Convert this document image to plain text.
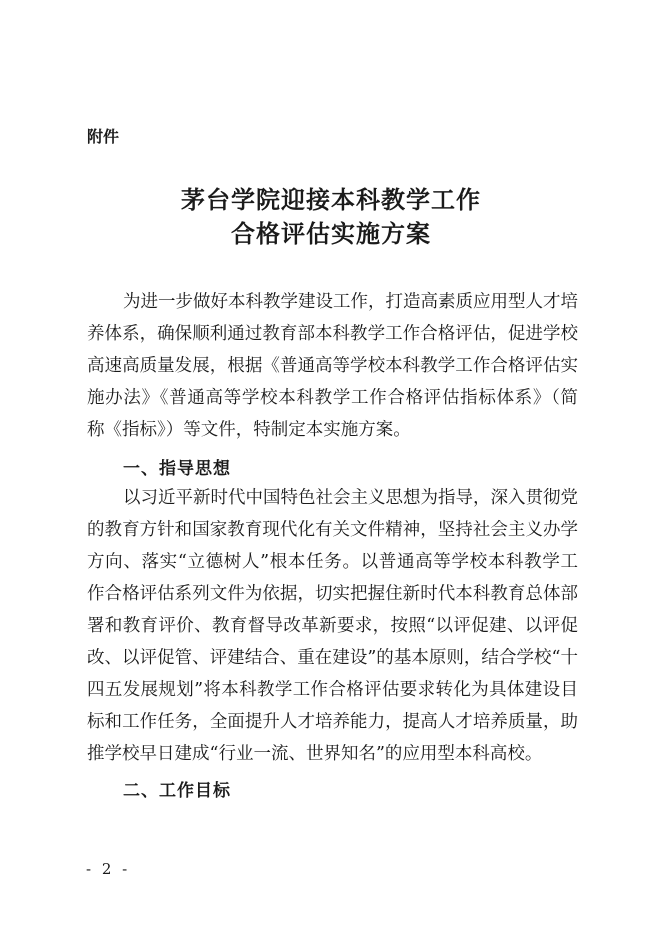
附件
茅台学院迎接本科教学工作
合格评估实施方案
为进一步做好本科教学建设工作，打造高素质应用型人才培
养体系，确保顺利通过教育部本科教学工作合格评估，促进学校
高速高质量发展，根据《普通高等学校本科教学工作合格评估实
施办法》《普通高等学校本科教学工作合格评估指标体系》（简
称《指标》）等文件，特制定本实施方案。
一、指导思想
以习近平新时代中国特色社会主义思想为指导，深入贯彻党
的教育方针和国家教育现代化有关文件精神，坚持社会主义办学
方向、落实“立德树人”根本任务。以普通高等学校本科教学工
作合格评估系列文件为依据，切实把握住新时代本科教育总体部
署和教育评价、教育督导改革新要求，按照“以评促建、以评促
改、以评促管、评建结合、重在建设”的基本原则，结合学校“十
四五发展规划”将本科教学工作合格评估要求转化为具体建设目
标和工作任务，全面提升人才培养能力，提高人才培养质量，助
推学校早日建成“行业一流、世界知名”的应用型本科高校。
二、工作目标
- 2 -
